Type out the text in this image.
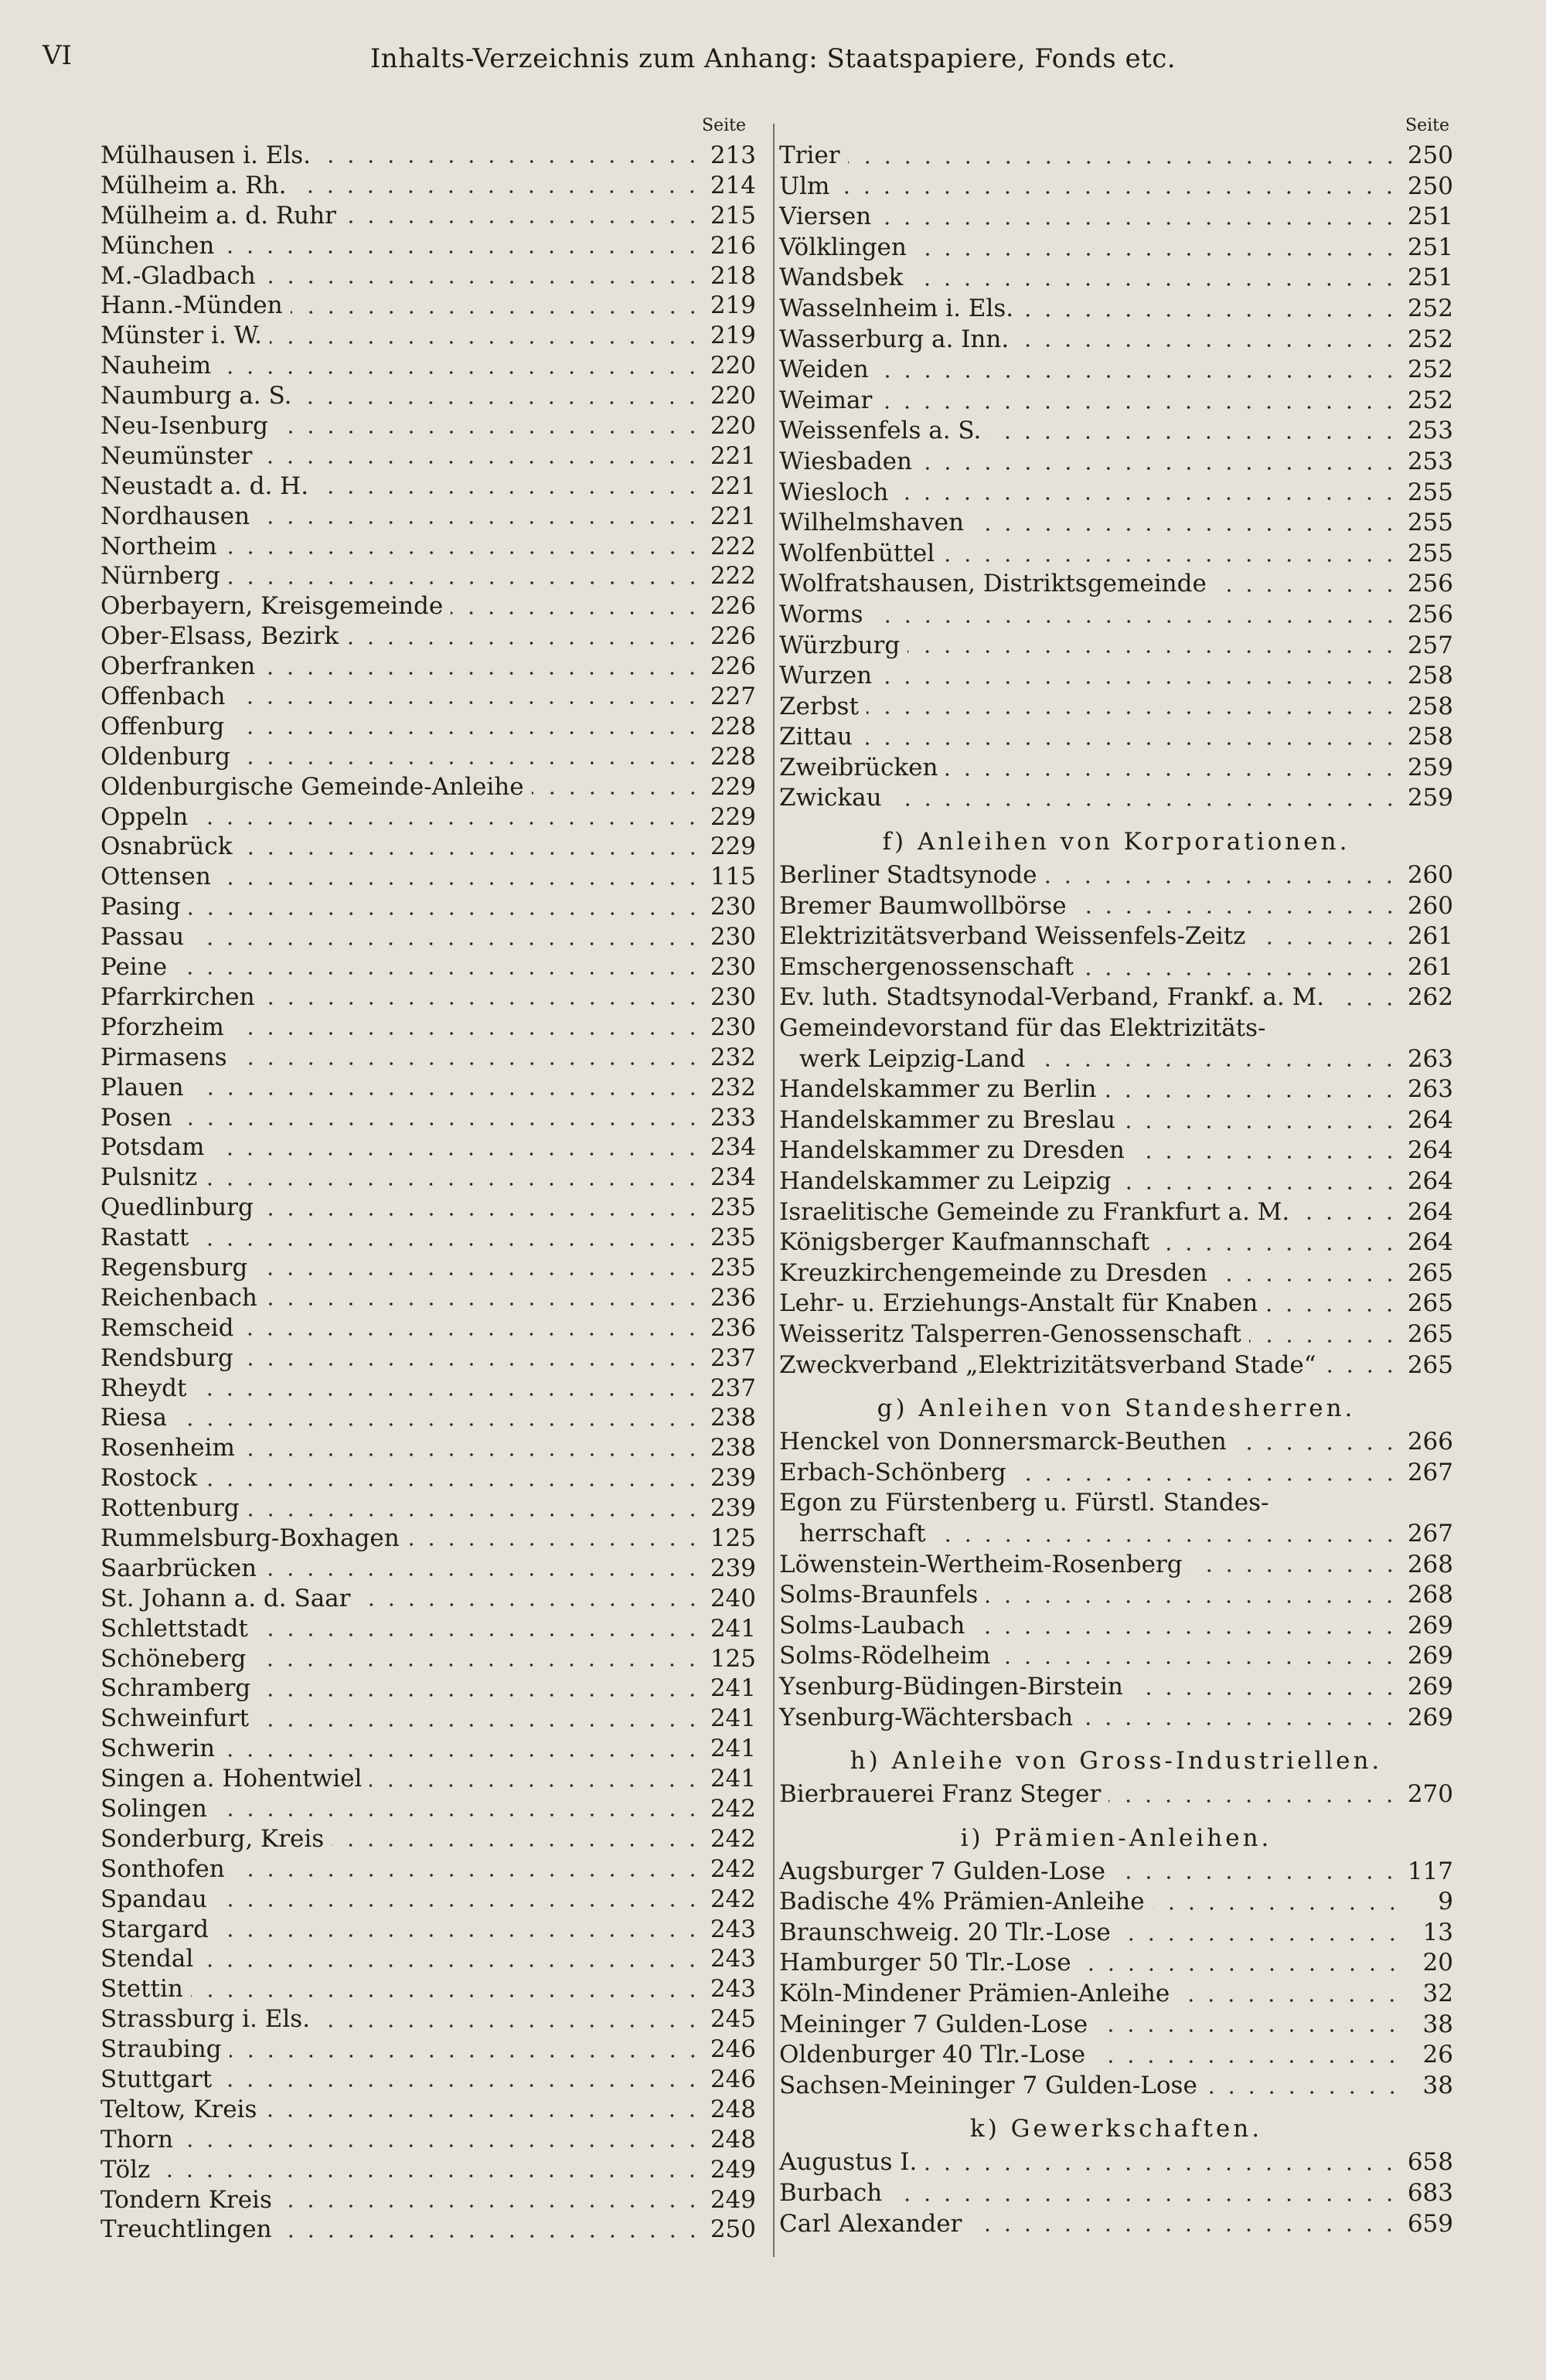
VI	Inhalts-Verzeichnis zum Anhang: Staatspapiere, Fonds etc.
Seite	Seite
Mülhausen i. Els.	213
Mülheim a. Rh.	214
Mülheim a. d. Ruhr	215
München	216
M.-Gladbach	218
Hann.-Münden	219
Münster i. W.	219
Nauheim	220
Naumburg a. S.	220
Neu-Isenburg	220
Neumünster	221
Neustadt a. d. H.	221
Nordhausen	221
Northeim	222
Nürnberg	222
Oberbayern, Kreisgemeinde	226
Ober-Elsass, Bezirk	226
Oberfranken	226
Offenbach	227
Offenburg	228
Oldenburg	228
Oldenburgische Gemeinde-Anleihe	229
Oppeln	229
Osnabrück	229
Ottensen	115
Pasing	230
Passau	230
Peine	230
Pfarrkirchen	230
Pforzheim	230
Pirmasens	232
Plauen	232
Posen	233
Potsdam	234
Pulsnitz	234
Quedlinburg	235
Rastatt	235
Regensburg	235
Reichenbach	236
Remscheid	236
Rendsburg	237
Rheydt	237
Riesa	238
Rosenheim	238
Rostock	239
Rottenburg	239
Rummelsburg-Boxhagen	125
Saarbrücken	239
St. Johann a. d. Saar	240
Schlettstadt	241
Schöneberg	125
Schramberg	241
Schweinfurt	241
Schwerin	241
Singen a. Hohentwiel	241
Solingen	242
Sonderburg, Kreis	242
Sonthofen	242
Spandau	242
Stargard	243
Stendal	243
Stettin	243
Strassburg i. Els.	245
Straubing	246
Stuttgart	246
Teltow, Kreis	248
Thorn	248
Tölz	249
Tondern Kreis	249
Treuchtlingen	250
Trier	250
Ulm	250
Viersen	251
Völklingen	251
Wandsbek	251
Wasselnheim i. Els.	252
Wasserburg a. Inn.	252
Weiden	252
Weimar	252
Weissenfels a. S.	253
Wiesbaden	253
Wiesloch	255
Wilhelmshaven	255
Wolfenbüttel	255
Wolfratshausen, Distriktsgemeinde	256
Worms	256
Würzburg	257
Wurzen	258
Zerbst	258
Zittau	258
Zweibrücken	259
Zwickau	259
f) Anleihen von Korporationen.
Berliner Stadtsynode	260
Bremer Baumwollbörse	260
Elektrizitätsverband Weissenfels-Zeitz	261
Emschergenossenschaft	261
Ev. luth. Stadtsynodal-Verband, Frankf. a. M.	262
Gemeindevorstand für das Elektrizitäts-
werk Leipzig-Land	263
Handelskammer zu Berlin	263
Handelskammer zu Breslau	264
Handelskammer zu Dresden	264
Handelskammer zu Leipzig	264
Israelitische Gemeinde zu Frankfurt a. M.	264
Königsberger Kaufmannschaft	264
Kreuzkirchengemeinde zu Dresden	265
Lehr- u. Erziehungs-Anstalt für Knaben	265
Weisseritz Talsperren-Genossenschaft	265
Zweckverband „Elektrizitätsverband Stade“	265
g) Anleihen von Standesherren.
Henckel von Donnersmarck-Beuthen	266
Erbach-Schönberg	267
Egon zu Fürstenberg u. Fürstl. Standes-
herrschaft	267
Löwenstein-Wertheim-Rosenberg	268
Solms-Braunfels	268
Solms-Laubach	269
Solms-Rödelheim	269
Ysenburg-Büdingen-Birstein	269
Ysenburg-Wächtersbach	269
h) Anleihe von Gross-Industriellen.
Bierbrauerei Franz Steger	270
i) Prämien-Anleihen.
Augsburger 7 Gulden-Lose	117
Badische 4% Prämien-Anleihe	9
Braunschweig. 20 Tlr.-Lose	13
Hamburger 50 Tlr.-Lose	20
Köln-Mindener Prämien-Anleihe	32
Meininger 7 Gulden-Lose	38
Oldenburger 40 Tlr.-Lose	26
Sachsen-Meininger 7 Gulden-Lose	38
k) Gewerkschaften.
Augustus I.	658
Burbach	683
Carl Alexander	659
